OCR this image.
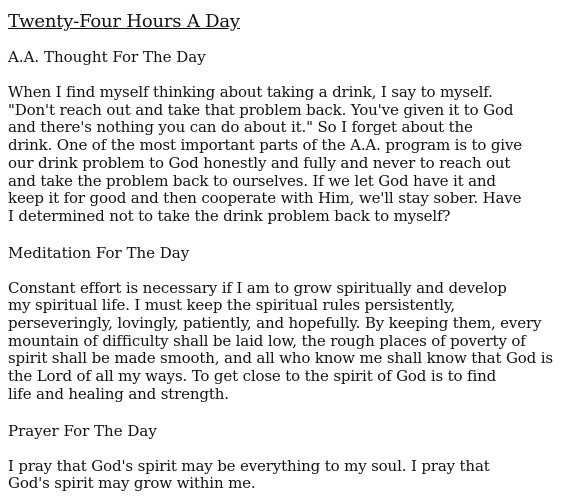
Twenty-Four Hours A Day
A.A. Thought For The Day

When I find myself thinking about taking a drink, I say to myself.
"Don't reach out and take that problem back. You've given it to God
and there's nothing you can do about it." So I forget about the
drink. One of the most important parts of the A.A. program is to give
our drink problem to God honestly and fully and never to reach out
and take the problem back to ourselves. If we let God have it and
keep it for good and then cooperate with Him, we'll stay sober. Have
I determined not to take the drink problem back to myself?

Meditation For The Day

Constant effort is necessary if I am to grow spiritually and develop
my spiritual life. I must keep the spiritual rules persistently,
perseveringly, lovingly, patiently, and hopefully. By keeping them, every
mountain of difficulty shall be laid low, the rough places of poverty of
spirit shall be made smooth, and all who know me shall know that God is
the Lord of all my ways. To get close to the spirit of God is to find
life and healing and strength.

Prayer For The Day

I pray that God's spirit may be everything to my soul. I pray that
God's spirit may grow within me.
